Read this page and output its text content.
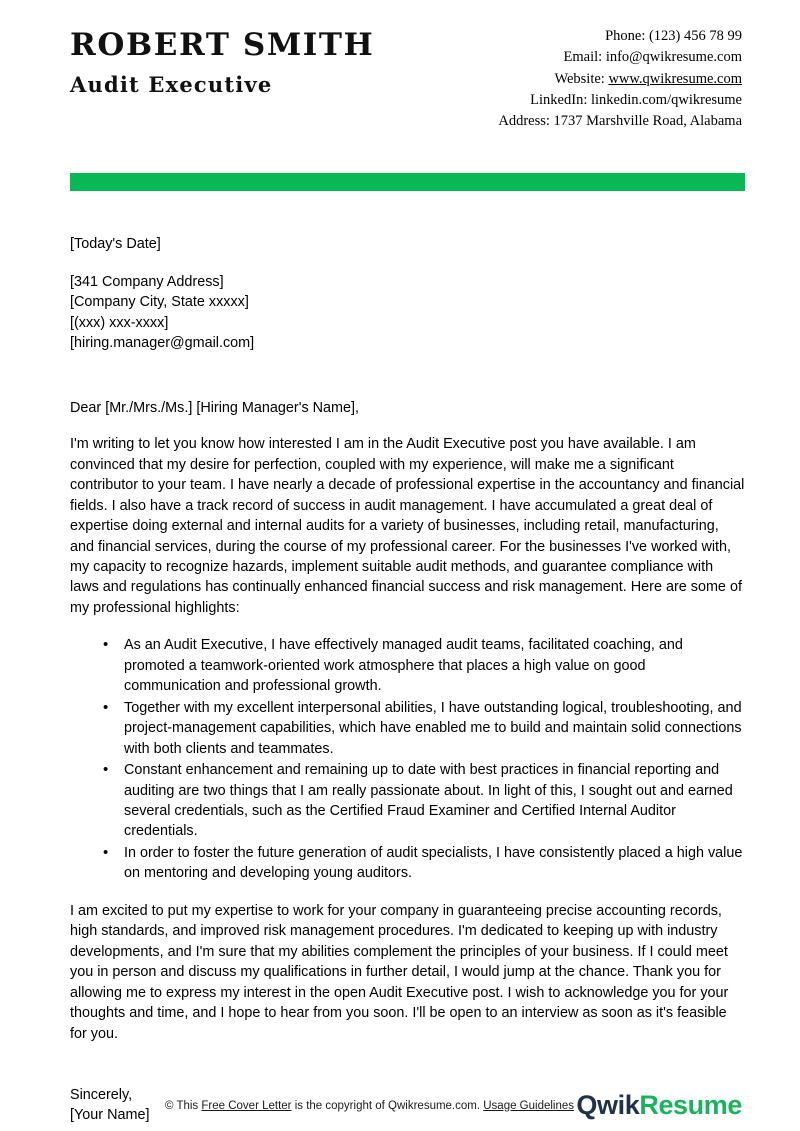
ROBERT SMITH
Audit Executive
Phone: (123) 456 78 99
Email: info@qwikresume.com
Website: www.qwikresume.com
LinkedIn: linkedin.com/qwikresume
Address: 1737 Marshville Road, Alabama
[Today's Date]
[341 Company Address]
[Company City, State xxxxx]
[(xxx) xxx-xxxx]
[hiring.manager@gmail.com]
Dear [Mr./Mrs./Ms.] [Hiring Manager's Name],

I'm writing to let you know how interested I am in the Audit Executive post you have available. I am convinced that my desire for perfection, coupled with my experience, will make me a significant contributor to your team. I have nearly a decade of professional expertise in the accountancy and financial fields. I also have a track record of success in audit management. I have accumulated a great deal of expertise doing external and internal audits for a variety of businesses, including retail, manufacturing, and financial services, during the course of my professional career. For the businesses I've worked with, my capacity to recognize hazards, implement suitable audit methods, and guarantee compliance with laws and regulations has continually enhanced financial success and risk management. Here are some of my professional highlights:

• As an Audit Executive, I have effectively managed audit teams, facilitated coaching, and promoted a teamwork-oriented work atmosphere that places a high value on good communication and professional growth.
• Together with my excellent interpersonal abilities, I have outstanding logical, troubleshooting, and project-management capabilities, which have enabled me to build and maintain solid connections with both clients and teammates.
• Constant enhancement and remaining up to date with best practices in financial reporting and auditing are two things that I am really passionate about. In light of this, I sought out and earned several credentials, such as the Certified Fraud Examiner and Certified Internal Auditor credentials.
• In order to foster the future generation of audit specialists, I have consistently placed a high value on mentoring and developing young auditors.

I am excited to put my expertise to work for your company in guaranteeing precise accounting records, high standards, and improved risk management procedures. I'm dedicated to keeping up with industry developments, and I'm sure that my abilities complement the principles of your business. If I could meet you in person and discuss my qualifications in further detail, I would jump at the chance. Thank you for allowing me to express my interest in the open Audit Executive post. I wish to acknowledge you for your thoughts and time, and I hope to hear from you soon. I'll be open to an interview as soon as it's feasible for you.

Sincerely,
[Your Name]
© This Free Cover Letter is the copyright of Qwikresume.com. Usage Guidelines Qwik Resume
